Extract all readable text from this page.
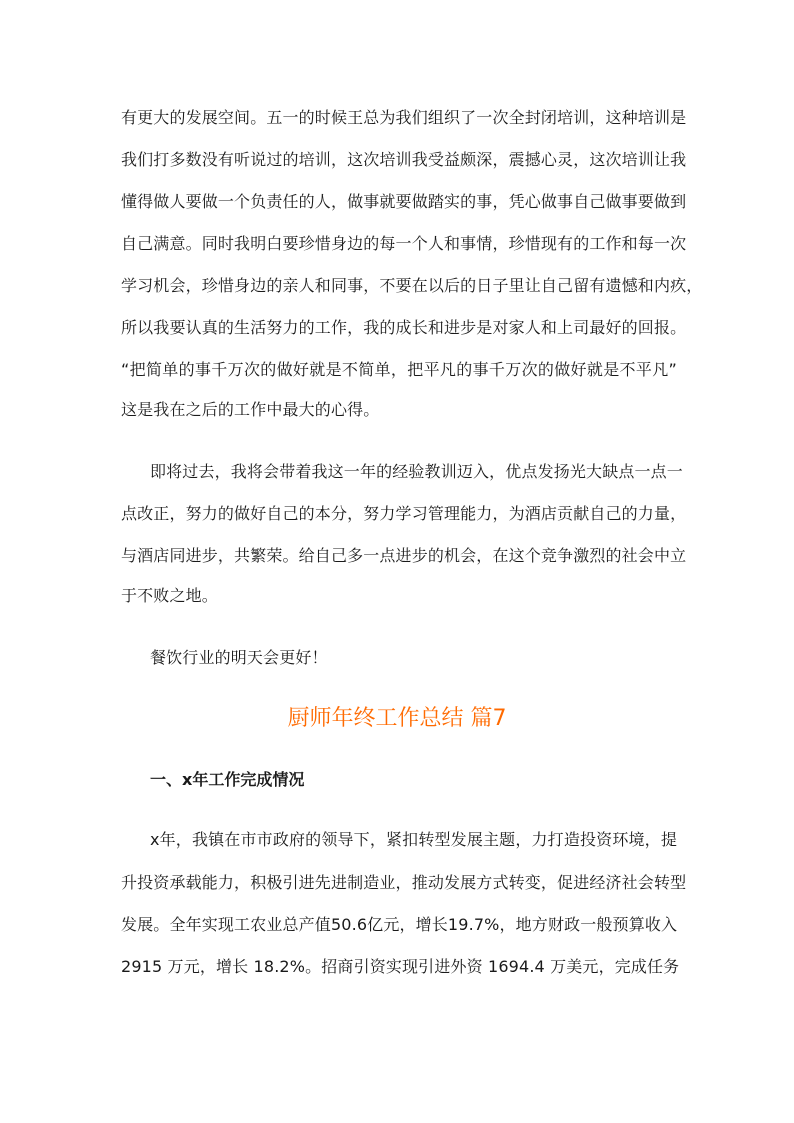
有更大的发展空间。五一的时候王总为我们组织了一次全封闭培训，这种培训是
我们打多数没有听说过的培训，这次培训我受益颇深，震撼心灵，这次培训让我
懂得做人要做一个负责任的人，做事就要做踏实的事，凭心做事自己做事要做到
自己满意。同时我明白要珍惜身边的每一个人和事情，珍惜现有的工作和每一次
学习机会，珍惜身边的亲人和同事，不要在以后的日子里让自己留有遗憾和内疚，
所以我要认真的生活努力的工作，我的成长和进步是对家人和上司最好的回报。
“把简单的事千万次的做好就是不简单，把平凡的事千万次的做好就是不平凡”
这是我在之后的工作中最大的心得。
即将过去，我将会带着我这一年的经验教训迈入，优点发扬光大缺点一点一
点改正，努力的做好自己的本分，努力学习管理能力，为酒店贡献自己的力量，
与酒店同进步，共繁荣。给自己多一点进步的机会，在这个竞争激烈的社会中立
于不败之地。
餐饮行业的明天会更好！
厨师年终工作总结 篇7
一、x年工作完成情况
x年，我镇在市市政府的领导下，紧扣转型发展主题，力打造投资环境，提
升投资承载能力，积极引进先进制造业，推动发展方式转变，促进经济社会转型
发展。全年实现工农业总产值50.6亿元，增长19.7%，地方财政一般预算收入
2915 万元，增长 18.2%。招商引资实现引进外资 1694.4 万美元，完成任务
